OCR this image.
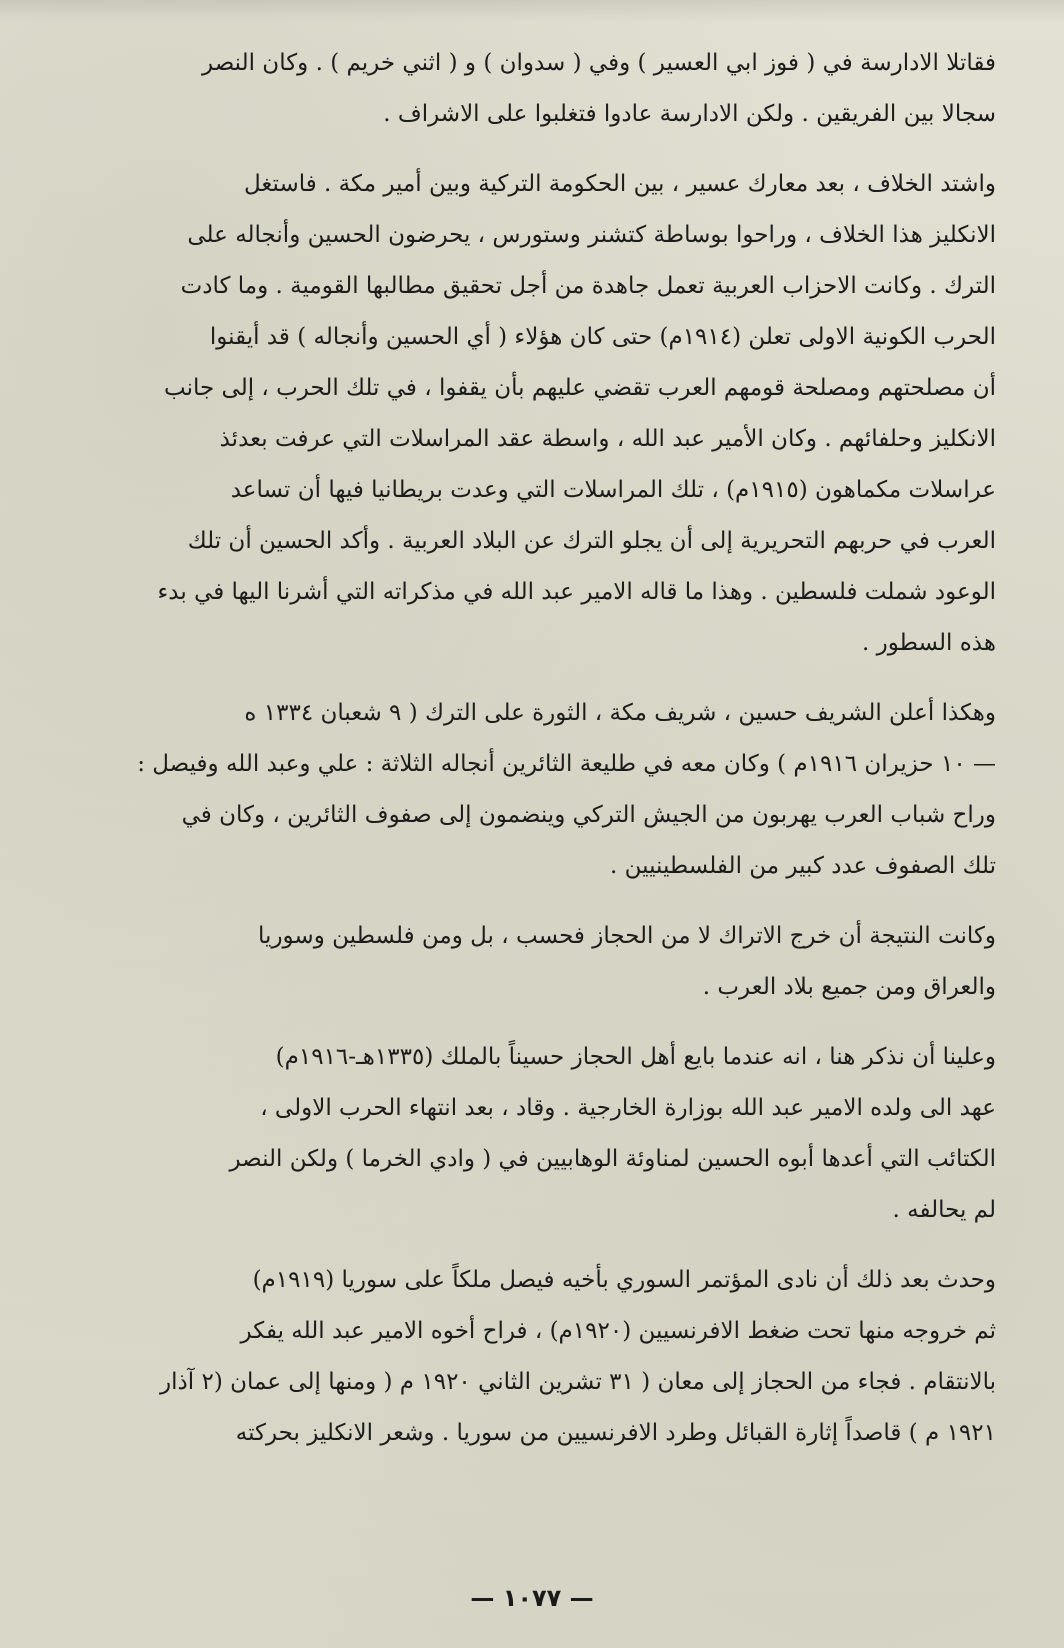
فقاتلا الادارسة في ( فوز ابي العسير ) وفي ( سدوان ) و ( اثني خريم ) . وكان النصر
سجالا بين الفريقين . ولكن الادارسة عادوا فتغلبوا على الاشراف .

واشتد الخلاف ، بعد معارك عسير ، بين الحكومة التركية وبين أمير مكة . فاستغل
الانكليز هذا الخلاف ، وراحوا بوساطة كتشنر وستورس ، يحرضون الحسين وأنجاله على
الترك . وكانت الاحزاب العربية تعمل جاهدة من أجل تحقيق مطالبها القومية . وما كادت
الحرب الكونية الاولى تعلن (١٩١٤م) حتى كان هؤلاء ( أي الحسين وأنجاله ) قد أيقنوا
أن مصلحتهم ومصلحة قومهم العرب تقضي عليهم بأن يقفوا ، في تلك الحرب ، إلى جانب
الانكليز وحلفائهم . وكان الأمير عبد الله ، واسطة عقد المراسلات التي عرفت بعدئذ
عراسلات مكماهون (١٩١٥م) ، تلك المراسلات التي وعدت بريطانيا فيها أن تساعد
العرب في حربهم التحريرية إلى أن يجلو الترك عن البلاد العربية . وأكد الحسين أن تلك
الوعود شملت فلسطين . وهذا ما قاله الامير عبد الله في مذكراته التي أشرنا اليها في بدء
هذه السطور .

وهكذا أعلن الشريف حسين ، شريف مكة ، الثورة على الترك ( ٩ شعبان ١٣٣٤ ه
— ١٠ حزيران ١٩١٦م ) وكان معه في طليعة الثائرين أنجاله الثلاثة : علي وعبد الله وفيصل :
وراح شباب العرب يهربون من الجيش التركي وينضمون إلى صفوف الثائرين ، وكان في
تلك الصفوف عدد كبير من الفلسطينيين .

وكانت النتيجة أن خرج الاتراك لا من الحجاز فحسب ، بل ومن فلسطين وسوريا
والعراق ومن جميع بلاد العرب .

وعلينا أن نذكر هنا ، انه عندما بايع أهل الحجاز حسيناً بالملك (١٣٣٥هـ-١٩١٦م)
عهد الى ولده الامير عبد الله بوزارة الخارجية . وقاد ، بعد انتهاء الحرب الاولى ،
الكتائب التي أعدها أبوه الحسين لمناوئة الوهابيين في ( وادي الخرما ) ولكن النصر
لم يحالفه .

وحدث بعد ذلك أن نادى المؤتمر السوري بأخيه فيصل ملكاً على سوريا (١٩١٩م)
ثم خروجه منها تحت ضغط الافرنسيين (١٩٢٠م) ، فراح أخوه الامير عبد الله يفكر
بالانتقام . فجاء من الحجاز إلى معان ( ٣١ تشرين الثاني ١٩٢٠ م ( ومنها إلى عمان (٢ آذار
١٩٢١ م ) قاصداً إثارة القبائل وطرد الافرنسيين من سوريا . وشعر الانكليز بحركته

— ١٠٧٧ —
